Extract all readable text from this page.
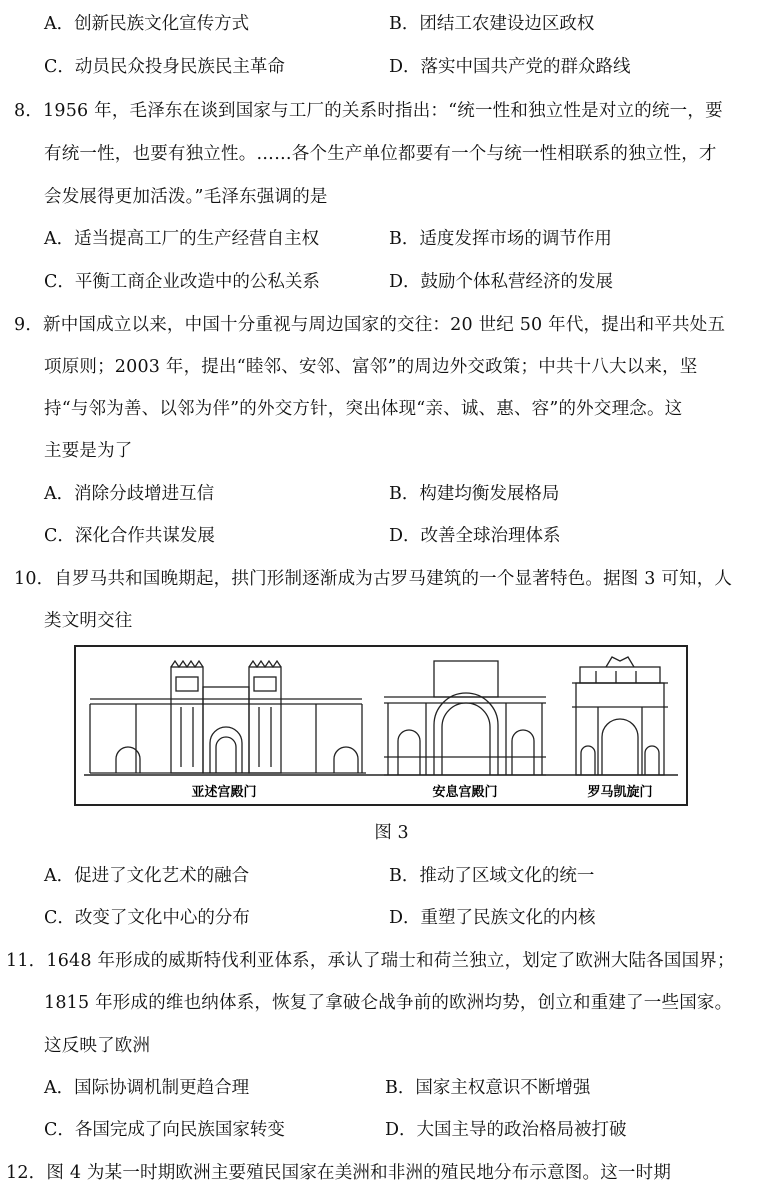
A．创新民族文化宣传方式	B．团结工农建设边区政权
C．动员民众投身民族民主革命	D．落实中国共产党的群众路线
8．1956 年，毛泽东在谈到国家与工厂的关系时指出：“统一性和独立性是对立的统一，要
有统一性，也要有独立性。……各个生产单位都要有一个与统一性相联系的独立性，才
会发展得更加活泼。”毛泽东强调的是
A．适当提高工厂的生产经营自主权	B．适度发挥市场的调节作用
C．平衡工商企业改造中的公私关系	D．鼓励个体私营经济的发展
9．新中国成立以来，中国十分重视与周边国家的交往：20 世纪 50 年代，提出和平共处五
项原则；2003 年，提出“睦邻、安邻、富邻”的周边外交政策；中共十八大以来，坚
持“与邻为善、以邻为伴”的外交方针，突出体现“亲、诚、惠、容”的外交理念。这
主要是为了
A．消除分歧增进互信	B．构建均衡发展格局
C．深化合作共谋发展	D．改善全球治理体系
10．自罗马共和国晚期起，拱门形制逐渐成为古罗马建筑的一个显著特色。据图 3 可知，人
类文明交往
亚述宫殿门	安息宫殿门	罗马凯旋门
图 3
A．促进了文化艺术的融合	B．推动了区域文化的统一
C．改变了文化中心的分布	D．重塑了民族文化的内核
11．1648 年形成的威斯特伐利亚体系，承认了瑞士和荷兰独立，划定了欧洲大陆各国国界；
1815 年形成的维也纳体系，恢复了拿破仑战争前的欧洲均势，创立和重建了一些国家。
这反映了欧洲
A．国际协调机制更趋合理	B．国家主权意识不断增强
C．各国完成了向民族国家转变	D．大国主导的政治格局被打破
12．图 4 为某一时期欧洲主要殖民国家在美洲和非洲的殖民地分布示意图。这一时期
